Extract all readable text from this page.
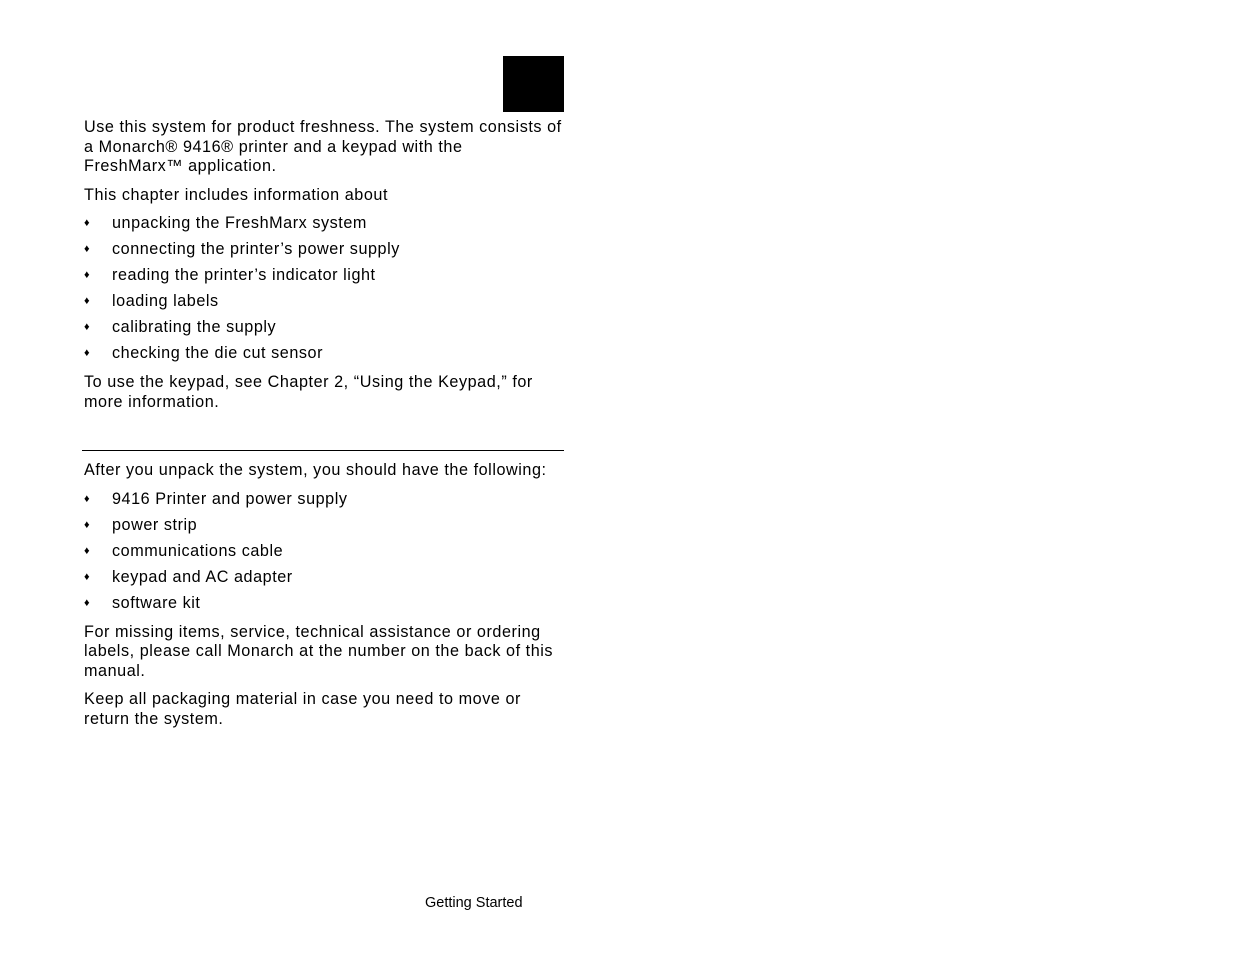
Use this system for product freshness. The system consists of a Monarch® 9416® printer and a keypad with the FreshMarx™ application.

This chapter includes information about

♦ unpacking the FreshMarx system
♦ connecting the printer’s power supply
♦ reading the printer’s indicator light
♦ loading labels
♦ calibrating the supply
♦ checking the die cut sensor

To use the keypad, see Chapter 2, “Using the Keypad,” for more information.

After you unpack the system, you should have the following:

♦ 9416 Printer and power supply
♦ power strip
♦ communications cable
♦ keypad and AC adapter
♦ software kit

For missing items, service, technical assistance or ordering labels, please call Monarch at the number on the back of this manual.

Keep all packaging material in case you need to move or return the system.

Getting Started
